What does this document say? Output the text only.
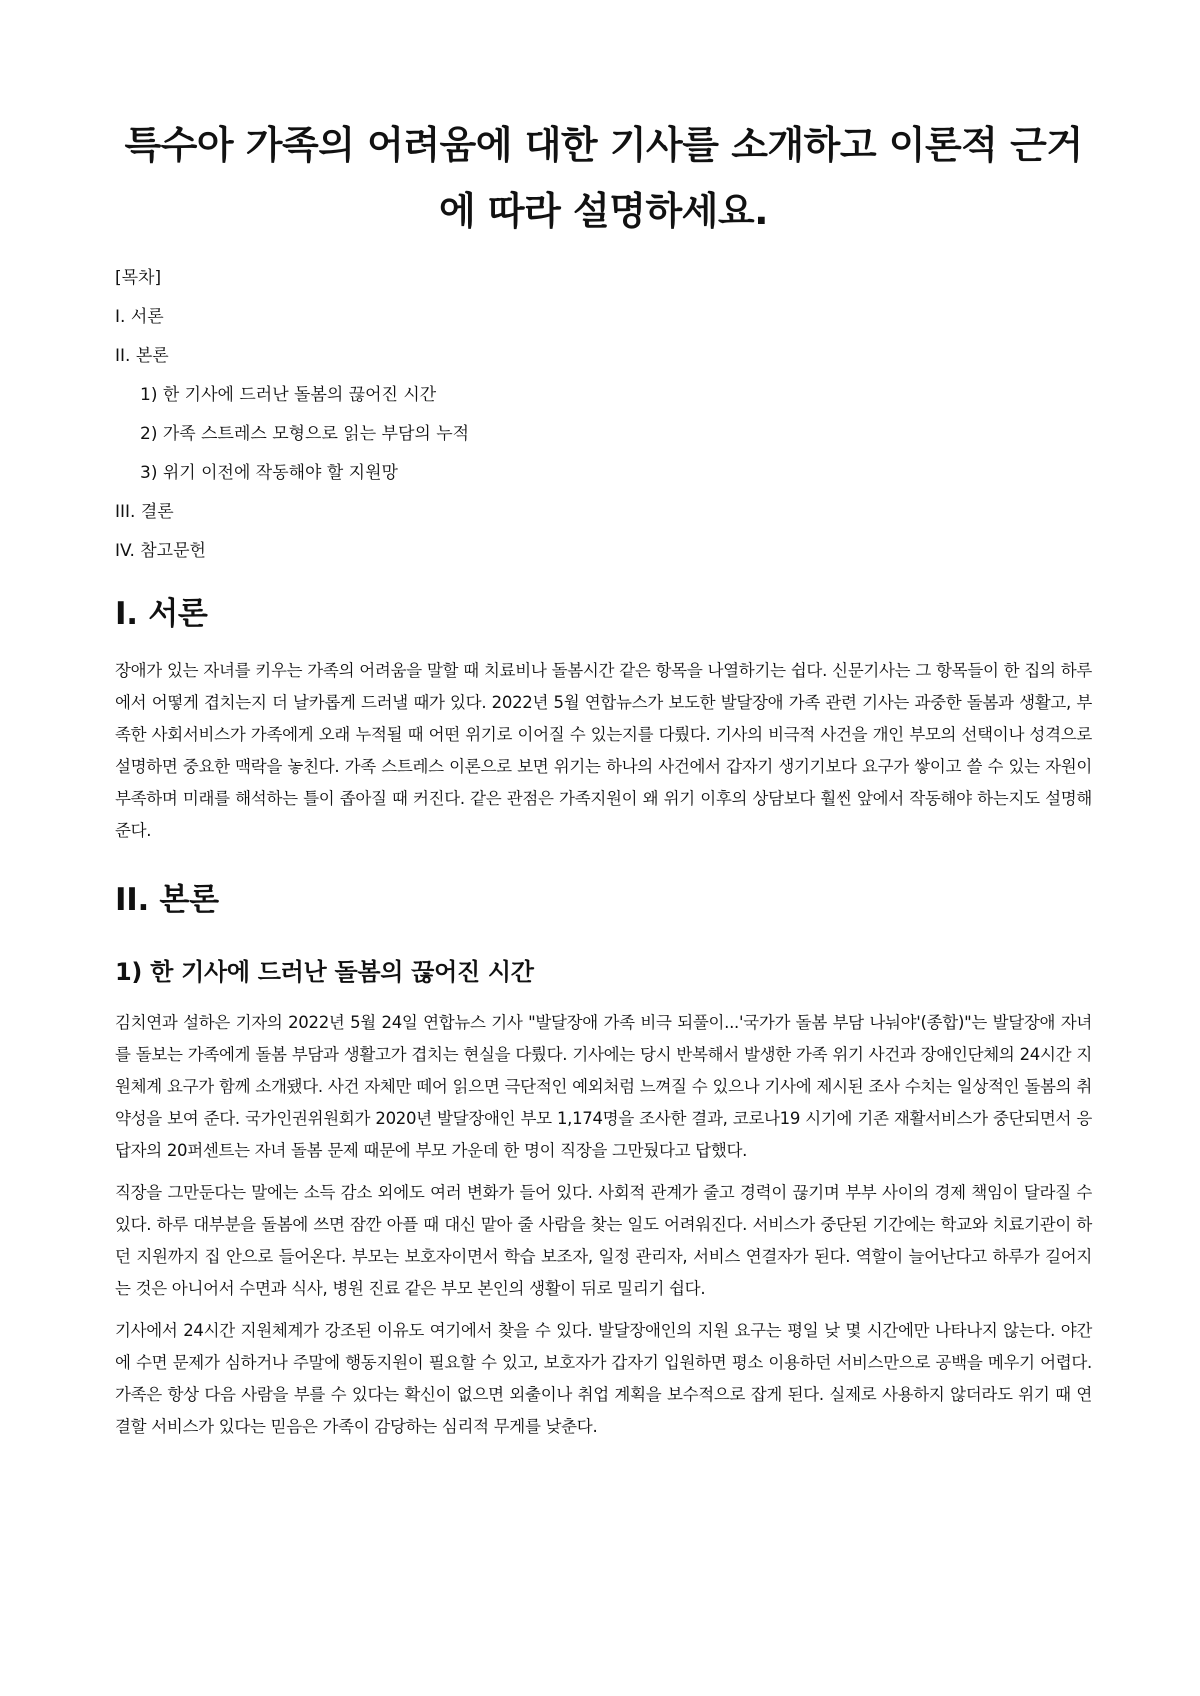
특수아 가족의 어려움에 대한 기사를 소개하고 이론적 근거에 따라 설명하세요.
[목차]
I. 서론
II. 본론
1) 한 기사에 드러난 돌봄의 끊어진 시간
2) 가족 스트레스 모형으로 읽는 부담의 누적
3) 위기 이전에 작동해야 할 지원망
III. 결론
IV. 참고문헌
I. 서론

장애가 있는 자녀를 키우는 가족의 어려움을 말할 때 치료비나 돌봄시간 같은 항목을 나열하기는 쉽다. 신문기사는 그 항목들이 한 집의 하루에서 어떻게 겹치는지 더 날카롭게 드러낼 때가 있다. 2022년 5월 연합뉴스가 보도한 발달장애 가족 관련 기사는 과중한 돌봄과 생활고, 부족한 사회서비스가 가족에게 오래 누적될 때 어떤 위기로 이어질 수 있는지를 다뤘다. 기사의 비극적 사건을 개인 부모의 선택이나 성격으로 설명하면 중요한 맥락을 놓친다. 가족 스트레스 이론으로 보면 위기는 하나의 사건에서 갑자기 생기기보다 요구가 쌓이고 쓸 수 있는 자원이 부족하며 미래를 해석하는 틀이 좁아질 때 커진다. 같은 관점은 가족지원이 왜 위기 이후의 상담보다 훨씬 앞에서 작동해야 하는지도 설명해 준다.

II. 본론
1) 한 기사에 드러난 돌봄의 끊어진 시간

김치연과 설하은 기자의 2022년 5월 24일 연합뉴스 기사 "발달장애 가족 비극 되풀이...'국가가 돌봄 부담 나눠야'(종합)"는 발달장애 자녀를 돌보는 가족에게 돌봄 부담과 생활고가 겹치는 현실을 다뤘다. 기사에는 당시 반복해서 발생한 가족 위기 사건과 장애인단체의 24시간 지원체계 요구가 함께 소개됐다. 사건 자체만 떼어 읽으면 극단적인 예외처럼 느껴질 수 있으나 기사에 제시된 조사 수치는 일상적인 돌봄의 취약성을 보여 준다. 국가인권위원회가 2020년 발달장애인 부모 1,174명을 조사한 결과, 코로나19 시기에 기존 재활서비스가 중단되면서 응답자의 20퍼센트는 자녀 돌봄 문제 때문에 부모 가운데 한 명이 직장을 그만뒀다고 답했다.

직장을 그만둔다는 말에는 소득 감소 외에도 여러 변화가 들어 있다. 사회적 관계가 줄고 경력이 끊기며 부부 사이의 경제 책임이 달라질 수 있다. 하루 대부분을 돌봄에 쓰면 잠깐 아플 때 대신 맡아 줄 사람을 찾는 일도 어려워진다. 서비스가 중단된 기간에는 학교와 치료기관이 하던 지원까지 집 안으로 들어온다. 부모는 보호자이면서 학습 보조자, 일정 관리자, 서비스 연결자가 된다. 역할이 늘어난다고 하루가 길어지는 것은 아니어서 수면과 식사, 병원 진료 같은 부모 본인의 생활이 뒤로 밀리기 쉽다.

기사에서 24시간 지원체계가 강조된 이유도 여기에서 찾을 수 있다. 발달장애인의 지원 요구는 평일 낮 몇 시간에만 나타나지 않는다. 야간에 수면 문제가 심하거나 주말에 행동지원이 필요할 수 있고, 보호자가 갑자기 입원하면 평소 이용하던 서비스만으로 공백을 메우기 어렵다. 가족은 항상 다음 사람을 부를 수 있다는 확신이 없으면 외출이나 취업 계획을 보수적으로 잡게 된다. 실제로 사용하지 않더라도 위기 때 연결할 서비스가 있다는 믿음은 가족이 감당하는 심리적 무게를 낮춘다.
